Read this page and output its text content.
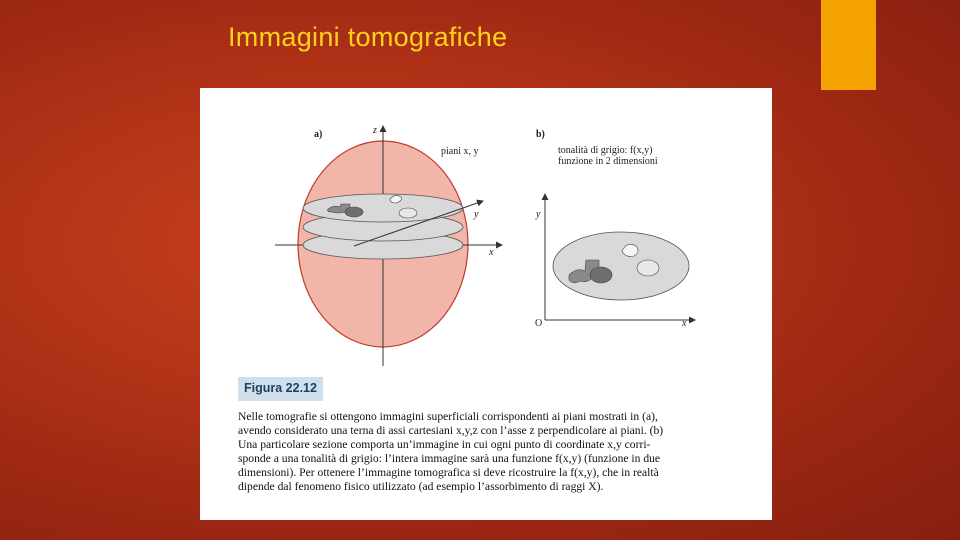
Immagini tomografiche
a)	z
piani x, y
y
x
b)
tonalità di grigio: f(x,y)
funzione in 2 dimensioni
y
x
O
Figura 22.12

Nelle tomografie si ottengono immagini superficiali corrispondenti ai piani mostrati in (a),

avendo considerato una terna di assi cartesiani x,y,z con l’asse z perpendicolare ai piani. (b)

Una particolare sezione comporta un’immagine in cui ogni punto di coordinate x,y corri-

sponde a una tonalità di grigio: l’intera immagine sarà una funzione f(x,y) (funzione in due

dimensioni). Per ottenere l’immagine tomografica si deve ricostruire la f(x,y), che in realtà

dipende dal fenomeno fisico utilizzato (ad esempio l’assorbimento di raggi X).
